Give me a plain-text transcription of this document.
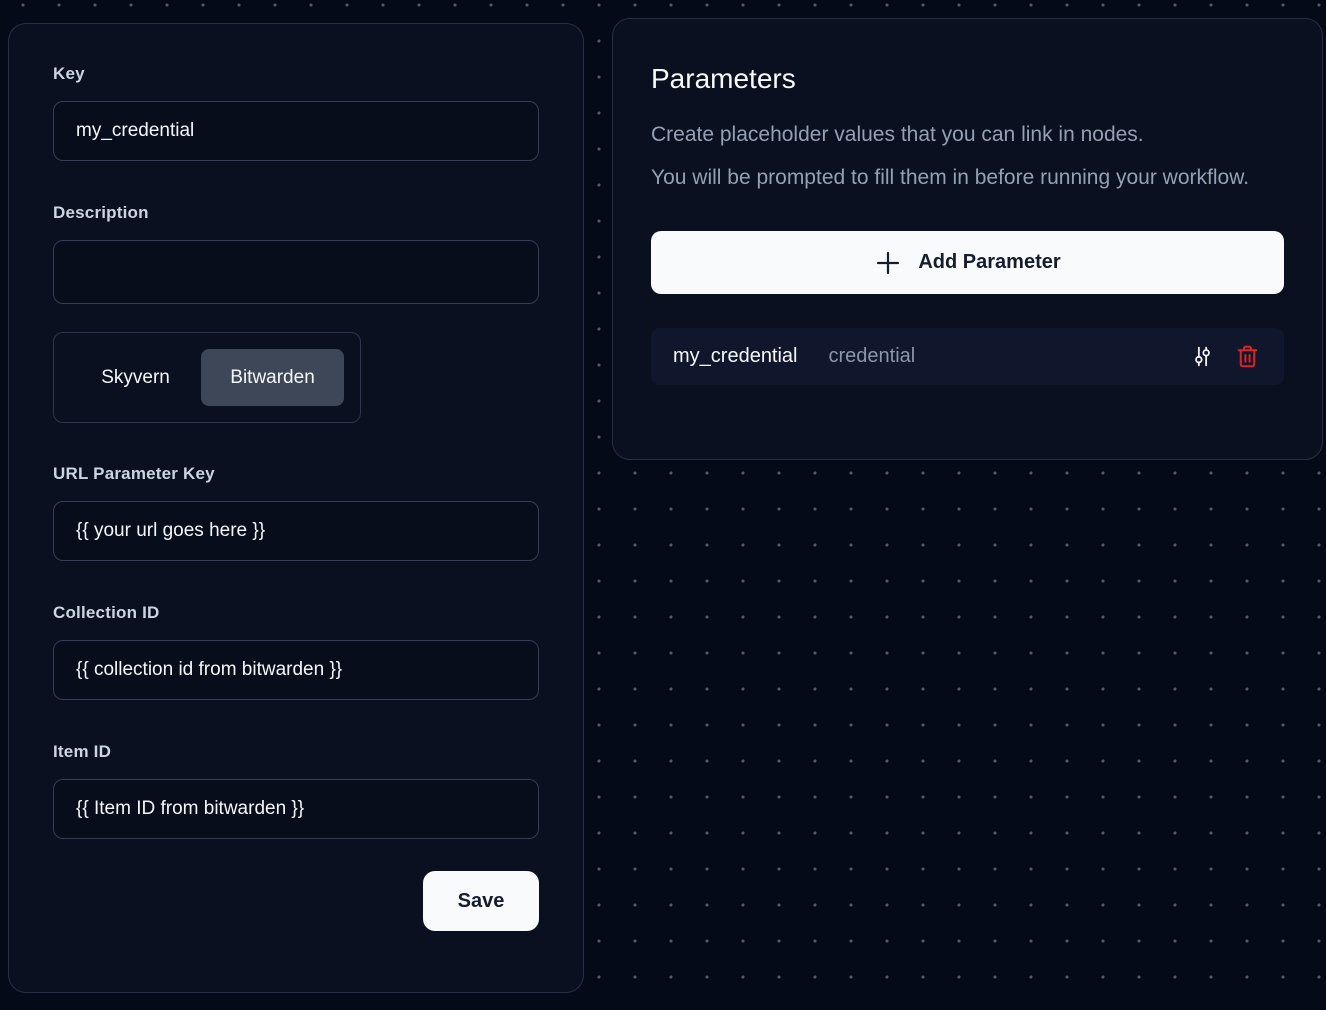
Key
my_credential
Description
Skyvern	Bitwarden
URL Parameter Key
{{ your url goes here }}
Collection ID
{{ collection id from bitwarden }}
Item ID
{{ Item ID from bitwarden }}
Save
Parameters
Create placeholder values that you can link in nodes.
You will be prompted to fill them in before running your workflow.
Add Parameter
my_credential credential
